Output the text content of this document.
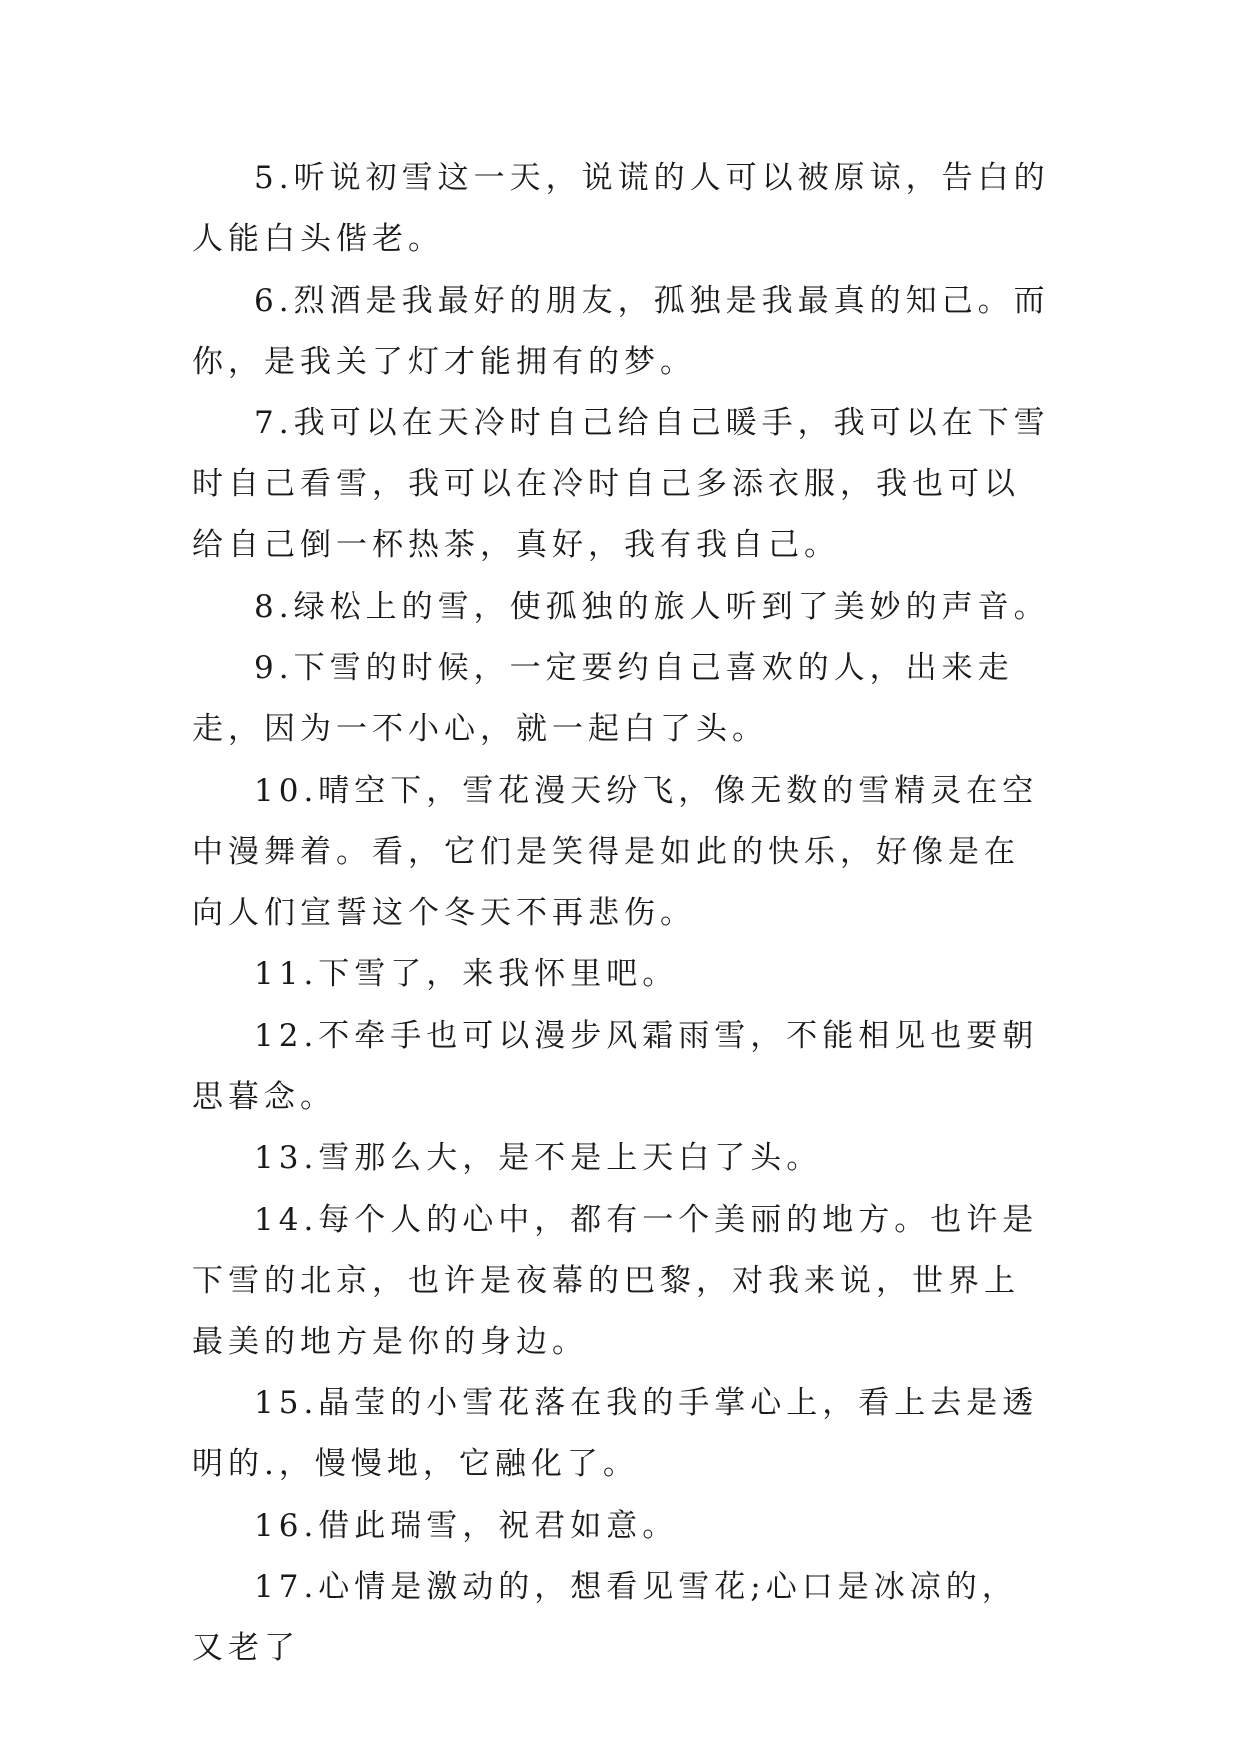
5.听说初雪这一天，说谎的人可以被原谅，告白的人能白头偕老。

6.烈酒是我最好的朋友，孤独是我最真的知己。而你，是我关了灯才能拥有的梦。

7.我可以在天冷时自己给自己暖手，我可以在下雪时自己看雪，我可以在冷时自己多添衣服，我也可以给自己倒一杯热茶，真好，我有我自己。

8.绿松上的雪，使孤独的旅人听到了美妙的声音。

9.下雪的时候，一定要约自己喜欢的人，出来走走，因为一不小心，就一起白了头。

10.晴空下，雪花漫天纷飞，像无数的雪精灵在空中漫舞着。看，它们是笑得是如此的快乐，好像是在向人们宣誓这个冬天不再悲伤。

11.下雪了，来我怀里吧。

12.不牵手也可以漫步风霜雨雪，不能相见也要朝思暮念。

13.雪那么大，是不是上天白了头。

14.每个人的心中，都有一个美丽的地方。也许是下雪的北京，也许是夜幕的巴黎，对我来说，世界上最美的地方是你的身边。

15.晶莹的小雪花落在我的手掌心上，看上去是透明的.，慢慢地，它融化了。

16.借此瑞雪，祝君如意。

17.心情是激动的，想看见雪花;心口是冰凉的，又老了
